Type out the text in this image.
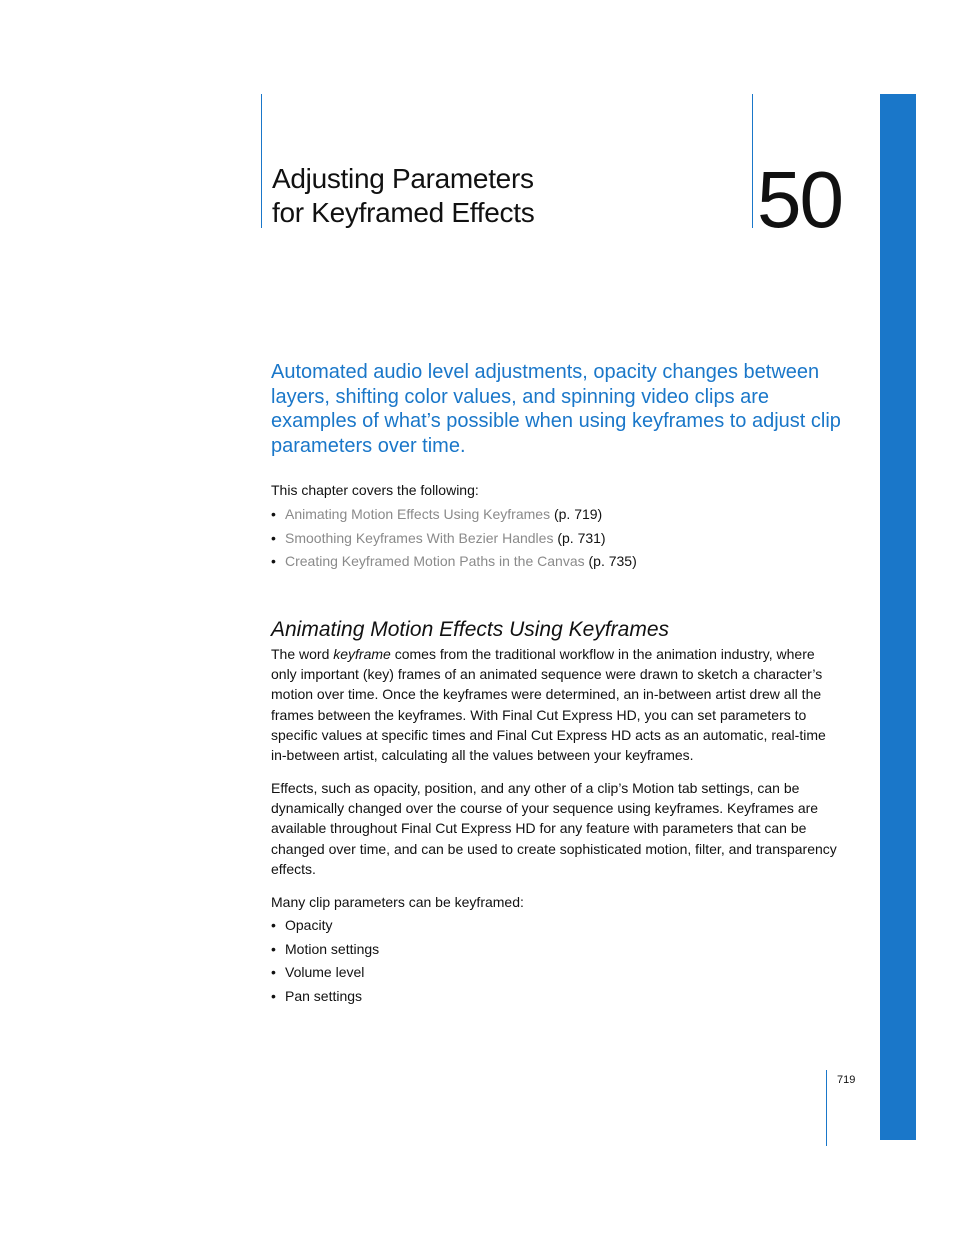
Adjusting Parameters
for Keyframed Effects	50

Automated audio level adjustments, opacity changes between layers, shifting color values, and spinning video clips are examples of what’s possible when using keyframes to adjust clip parameters over time.

This chapter covers the following:

• Animating Motion Effects Using Keyframes (p. 719)
• Smoothing Keyframes With Bezier Handles (p. 731)
• Creating Keyframed Motion Paths in the Canvas (p. 735)
Animating Motion Effects Using Keyframes

The word keyframe comes from the traditional workflow in the animation industry, where only important (key) frames of an animated sequence were drawn to sketch a character’s motion over time. Once the keyframes were determined, an in-between artist drew all the frames between the keyframes. With Final Cut Express HD, you can set parameters to specific values at specific times and Final Cut Express HD acts as an automatic, real-time in-between artist, calculating all the values between your keyframes.

Effects, such as opacity, position, and any other of a clip’s Motion tab settings, can be dynamically changed over the course of your sequence using keyframes. Keyframes are available throughout Final Cut Express HD for any feature with parameters that can be changed over time, and can be used to create sophisticated motion, filter, and transparency effects.

Many clip parameters can be keyframed:

• Opacity
• Motion settings
• Volume level
• Pan settings
719
